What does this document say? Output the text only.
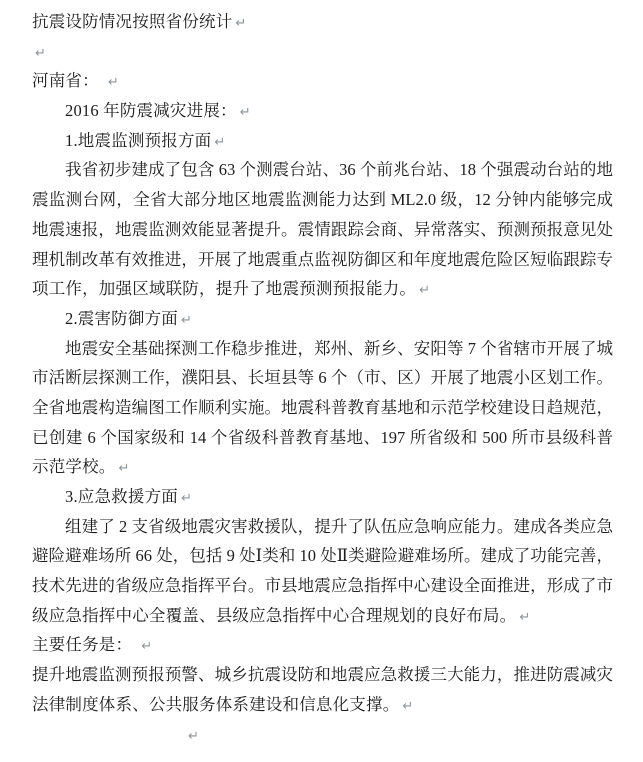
抗震设防情况按照省份统计 ↵
↵
河南省： ↵
2016 年防震减灾进展： ↵
1.地震监测预报方面 ↵
我省初步建成了包含 63 个测震台站、36 个前兆台站、18 个强震动台站的地
震监测台网，全省大部分地区地震监测能力达到 ML2.0 级，12 分钟内能够完成
地震速报，地震监测效能显著提升。震情跟踪会商、异常落实、预测预报意见处
理机制改革有效推进，开展了地震重点监视防御区和年度地震危险区短临跟踪专
项工作，加强区域联防，提升了地震预测预报能力。 ↵
2.震害防御方面 ↵
地震安全基础探测工作稳步推进，郑州、新乡、安阳等 7 个省辖市开展了城
市活断层探测工作，濮阳县、长垣县等 6 个（市、区）开展了地震小区划工作。
全省地震构造编图工作顺利实施。地震科普教育基地和示范学校建设日趋规范，
已创建 6 个国家级和 14 个省级科普教育基地、197 所省级和 500 所市县级科普
示范学校。 ↵
3.应急救援方面 ↵
组建了 2 支省级地震灾害救援队，提升了队伍应急响应能力。建成各类应急
避险避难场所 66 处，包括 9 处Ⅰ类和 10 处Ⅱ类避险避难场所。建成了功能完善，
技术先进的省级应急指挥平台。市县地震应急指挥中心建设全面推进，形成了市
级应急指挥中心全覆盖、县级应急指挥中心合理规划的良好布局。 ↵
主要任务是： ↵
提升地震监测预报预警、城乡抗震设防和地震应急救援三大能力，推进防震减灾
法律制度体系、公共服务体系建设和信息化支撑。 ↵
↵
